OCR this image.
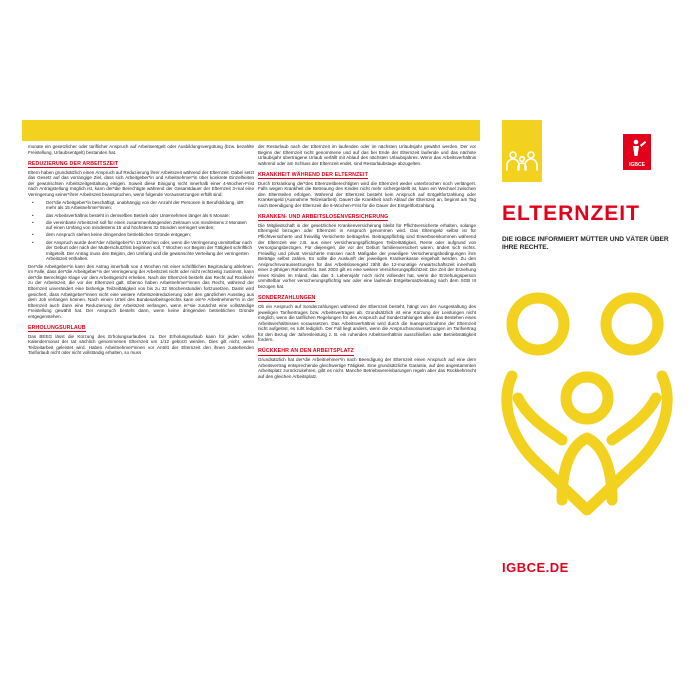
monate ein gesetzlicher oder tariflicher Anspruch auf Arbeitsentgelt oder Ausbildungsvergütung (bzw. bezahlte Freistellung, Urlaubsentgelt) bestanden hat.

REDUZIERUNG DER ARBEITSZEIT

Eltern haben grundsätzlich einen Anspruch auf Reduzierung ihrer Arbeitszeit während der Elternzeit. Dabei setzt das Gesetz auf das vorrangige Ziel, dass sich Arbeitgeber*in und Arbeitnehmer*in über konkrete Einzelheiten der gewünschten Arbeitszeitgestaltung einigen. Soweit diese Einigung nicht innerhalb einer 4-Wochen-Frist nach Antragstellung möglich ist, kann der*die Berechtigte während der Gesamtdauer der Elternzeit 3-mal eine Verringerung seiner*ihrer Arbeitszeit beanspruchen, wenn folgende Voraussetzungen erfüllt sind:

• Der*die Arbeitgeber*in beschäftigt, unabhängig von der Anzahl der Personen in Berufsbildung, idR mehr als 15 Arbeitnehmer*innen;
• das Arbeitsverhältnis besteht in demselben Betrieb oder Unternehmen länger als 6 Monate;
• die vereinbarte Arbeitszeit soll für einen zusammenhängenden Zeitraum von mindestens 2 Monaten auf einen Umfang von mindestens 15 und höchstens 32 Stunden verringert werden;
• dem Anspruch stehen keine dringenden betrieblichen Gründe entgegen;
• der Anspruch wurde dem*der Arbeitgeber*in 13 Wochen oder, wenn die Verringerung unmittelbar nach der Geburt oder nach der Mutterschutzfrist beginnen soll, 7 Wochen vor Beginn der Tätigkeit schriftlich mitgeteilt. Der Antrag muss den Beginn, den Umfang und die gewünschte Verteilung der verringerten Arbeitszeit enthalten.

Der*die Arbeitgeber*in kann den Antrag innerhalb von 4 Wochen mit einer schriftlichen Begründung ablehnen. Im Falle, dass der*die Arbeitgeber*in der Verringerung der Arbeitszeit nicht oder nicht rechtzeitig zustimmt, kann der*die Berechtigte Klage vor dem Arbeitsgericht erheben. Nach der Elternzeit besteht das Recht auf Rückkehr zu der Arbeitszeit, die vor der Elternzeit galt. Ebenso haben Arbeitnehmer*innen das Recht, während der Elternzeit unverändert eine bisherige Teilzeittätigkeit von bis zu 32 Wochenstunden fortzusetzen. Damit wird gesichert, dass Arbeitgeber*innen nicht eine weitere Arbeitszeitreduzierung oder den gänzlichen Ausstieg aus dem Job verlangen können. Nach einem Urteil des Bundesarbeitsgerichts kann ein*e Arbeitnehmer*in in der Elternzeit auch dann eine Reduzierung der Arbeitszeit verlangen, wenn er*sie zunächst eine vollständige Freistellung gewählt hat. Der Anspruch besteht dann, wenn keine dringenden betrieblichen Gründe entgegenstehen.

ERHOLUNGSURLAUB

Das BEEG lässt die Kürzung des Erholungsurlaubes zu. Der Erholungsurlaub kann für jeden vollen Kalendermonat der tat sächlich genommenen Elternzeit um 1/12 gekürzt werden. Dies gilt nicht, wenn Teilzeitarbeit geleistet wird. Haben Arbeitnehmer*innen vor Antritt der Elternzeit den ihnen zustehenden Tarifurlaub nicht oder nicht vollständig erhalten, so muss

der Resturlaub nach der Elternzeit im laufenden oder im nächsten Urlaubsjahr gewährt werden. Der vor Beginn der Elternzeit nicht genommene und auf das bei Ende der Elternzeit laufende und das nächste Urlaubsjahr übertragene Urlaub verfällt mit Ablauf des nächsten Urlaubsjahres. Wenn das Arbeitsverhältnis während oder am Schluss der Elternzeit endet, sind Resturlaubstage abzugelten.

KRANKHEIT WÄHREND DER ELTERNZEIT

Durch Erkrankung der*des Elternzeitberechtigten wird die Elternzeit weder unterbrochen noch verlängert. Falls wegen Krankheit die Betreuung des Kindes nicht mehr sichergestellt ist, kann ein Wechsel zwischen den Elternteilen erfolgen. Während der Elternzeit besteht kein Anspruch auf Entgeltfortzahlung oder Krankengeld (Ausnahme Teilzeitarbeit). Dauert die Krankheit nach Ablauf der Elternzeit an, beginnt am Tag nach Beendigung der Elternzeit die 6-Wochen-Frist für die Dauer der Entgeltfortzahlung.

KRANKEN- UND ARBEITSLOSENVERSICHERUNG

Die Mitgliedschaft in der gesetzlichen Krankenversicherung bleibt für Pflichtversicherte erhalten, solange Elterngeld bezogen oder Elternzeit in Anspruch genommen wird. Das Elterngeld selbst ist für Pflichtversicherte und freiwillig Versicherte beitragsfrei. Beitragspflichtig sind Erwerbseinkommen während der Elternzeit wie z.B. aus einer versicherungspflichtigen Teilzeittätigkeit, Rente oder aufgrund von Versorgungsbezügen. Für diejenigen, die vor der Geburt familienversichert waren, ändert sich nichts. Freiwillig und privat Versicherte müssen nach Maßgabe der jeweiligen Versicherungsbedingungen ihre Beiträge selbst zahlen. Es sollte die Auskunft der jeweiligen Krankenkasse eingeholt werden. Zu den Anspruchsvoraussetzungen für das Arbeitslosengeld zählt die 12-monatige Anwartschaftszeit innerhalb einer 2-jährigen Rahmenfrist. Seit 2003 gilt es eine weitere Versicherungspflichtzeit: Die Zeit der Erziehung eines Kindes im Inland, das das 3. Lebensjahr noch nicht vollendet hat, wenn die Erziehungsperson unmittelbar vorher versicherungspflichtig war oder eine laufende Entgeltersatzleistung nach dem SGB III bezogen hat.

SONDERZAHLUNGEN

Ob ein Anspruch auf Sonderzahlungen während der Elternzeit besteht, hängt von der Ausgestaltung des jeweiligen Tarifvertrages bzw. Arbeitsvertrages ab. Grundsätzlich ist eine Kürzung der Leistungen nicht möglich, wenn die tariflichen Regelungen für den Anspruch auf Sonderzahlungen allein das Bestehen eines Arbeitsverhältnisses voraussetzen. Das Arbeitsverhältnis wird durch die Inanspruchnahme der Elternzeit nicht aufgelöst, es ruht lediglich. Der Fall liegt anders, wenn die Anspruchsvoraussetzungen im Tarifvertrag für den Bezug der Jahresleistung z. B. ein ruhendes Arbeitsverhältnis ausschließen oder Betriebstätigkeit fordern.

RÜCKKEHR AN DEN ARBEITSPLATZ

Grundsätzlich hat der*die Arbeitnehmer*in nach Beendigung der Elternzeit einen Anspruch auf eine dem Arbeitsvertrag entsprechende gleichwertige Tätigkeit. Eine grundsätzliche Garantie, auf den angestammten Arbeitsplatz zurückzukehren, gibt es nicht. Manche Betriebsvereinbarungen regeln aber das Rückkehrrecht auf den gleichen Arbeitsplatz.

IGBCE
ELTERNZEIT
DIE IGBCE INFORMIERT MÜTTER UND VÄTER ÜBER IHRE RECHTE.
IGBCE.DE
